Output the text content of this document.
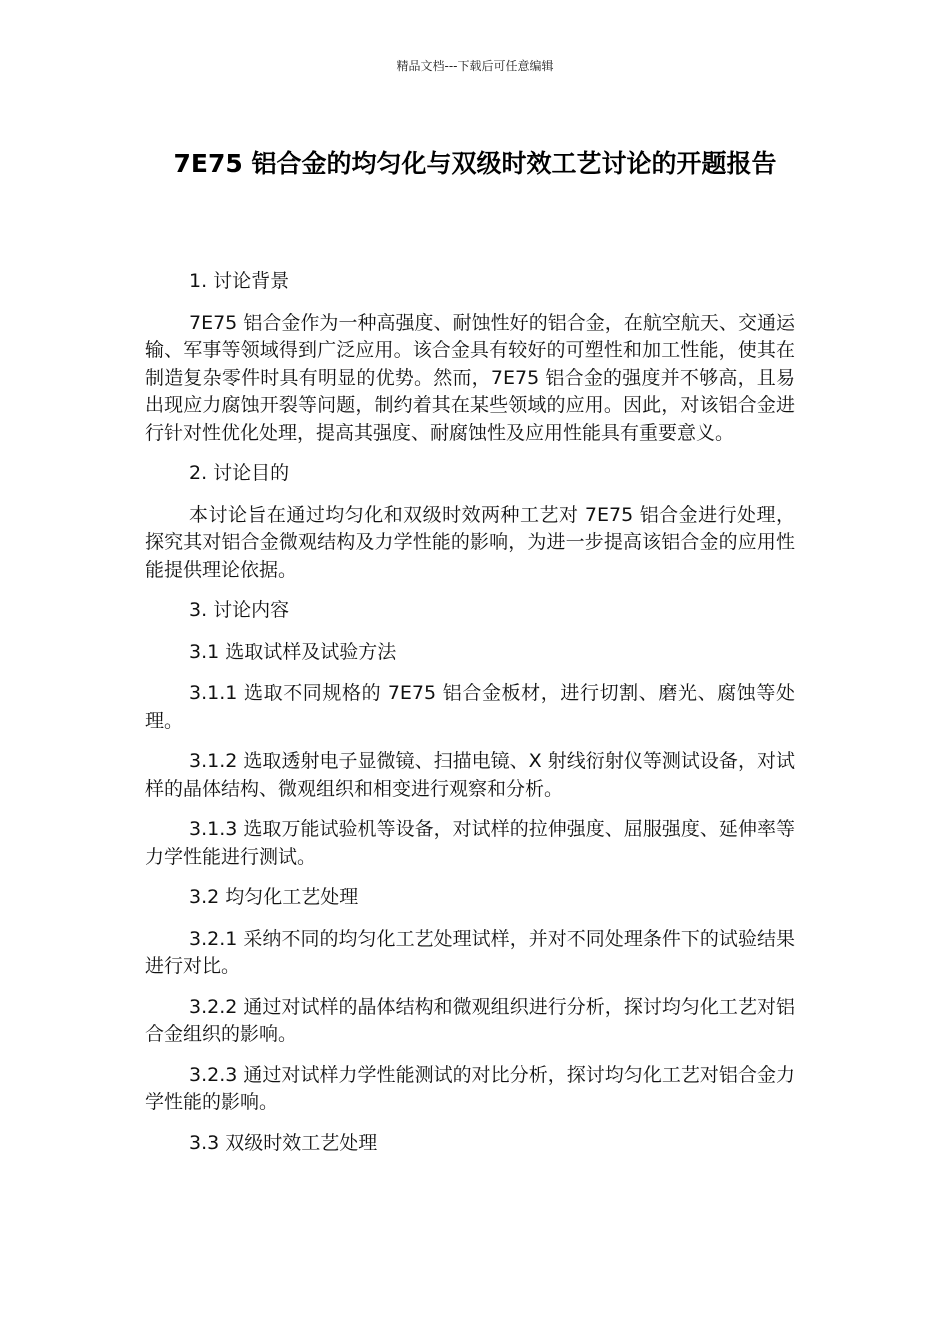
精品文档---下载后可任意编辑
7E75 铝合金的均匀化与双级时效工艺讨论的开题报告

1. 讨论背景

7E75 铝合金作为一种高强度、耐蚀性好的铝合金，在航空航天、交通运输、军事等领域得到广泛应用。该合金具有较好的可塑性和加工性能，使其在制造复杂零件时具有明显的优势。然而，7E75 铝合金的强度并不够高，且易出现应力腐蚀开裂等问题，制约着其在某些领域的应用。因此，对该铝合金进行针对性优化处理，提高其强度、耐腐蚀性及应用性能具有重要意义。

2. 讨论目的

本讨论旨在通过均匀化和双级时效两种工艺对 7E75 铝合金进行处理，探究其对铝合金微观结构及力学性能的影响，为进一步提高该铝合金的应用性能提供理论依据。

3. 讨论内容

3.1 选取试样及试验方法

3.1.1 选取不同规格的 7E75 铝合金板材，进行切割、磨光、腐蚀等处理。

3.1.2 选取透射电子显微镜、扫描电镜、X 射线衍射仪等测试设备，对试样的晶体结构、微观组织和相变进行观察和分析。

3.1.3 选取万能试验机等设备，对试样的拉伸强度、屈服强度、延伸率等力学性能进行测试。

3.2 均匀化工艺处理

3.2.1 采纳不同的均匀化工艺处理试样，并对不同处理条件下的试验结果进行对比。

3.2.2 通过对试样的晶体结构和微观组织进行分析，探讨均匀化工艺对铝合金组织的影响。

3.2.3 通过对试样力学性能测试的对比分析，探讨均匀化工艺对铝合金力学性能的影响。

3.3 双级时效工艺处理
